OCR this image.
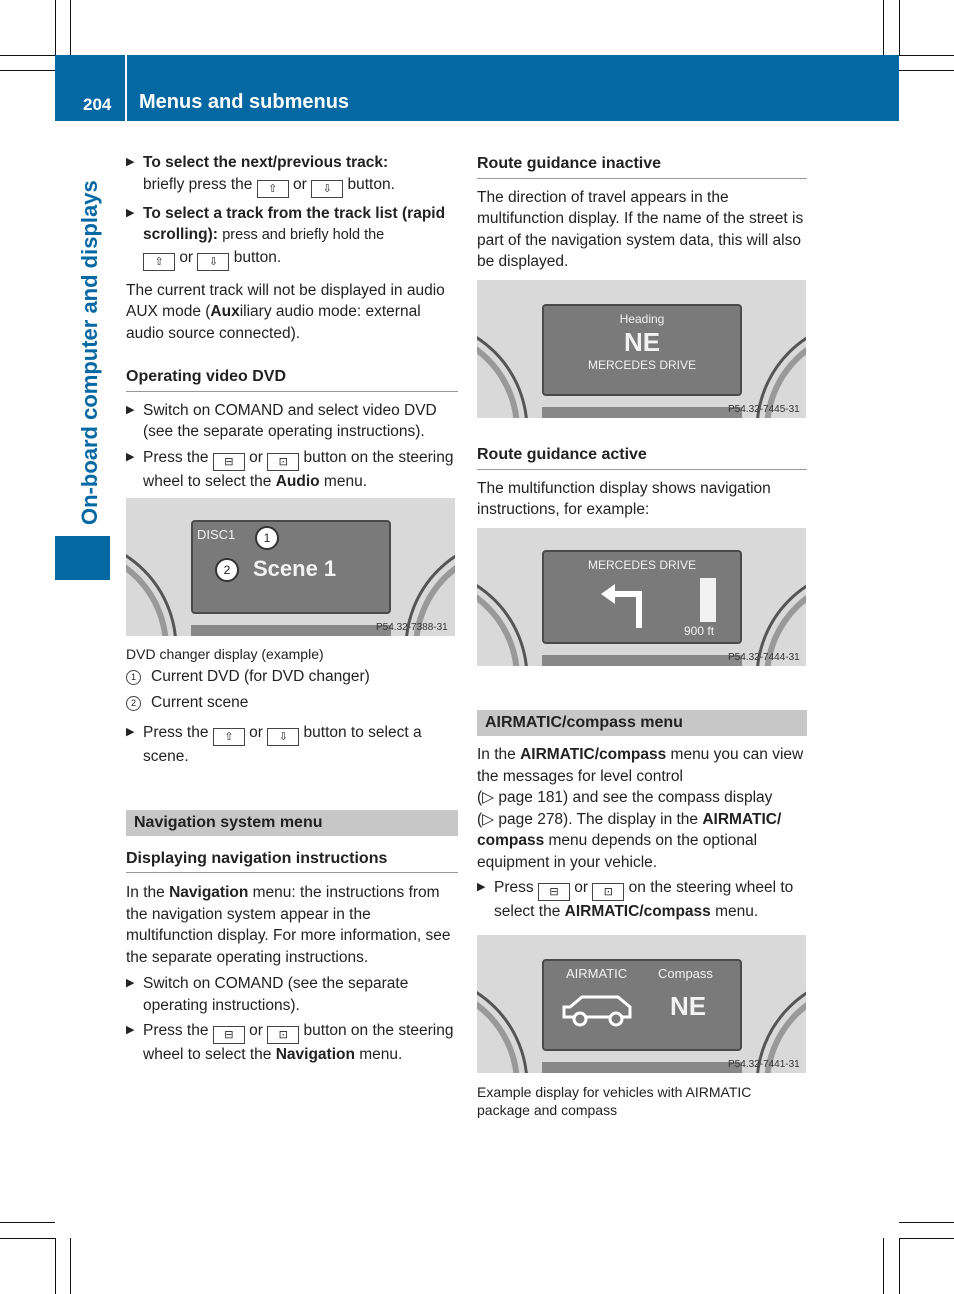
204 Menus and submenus
On-board computer and displays
▶ To select the next/previous track:
briefly press the ⇧ or ⇩ button.
▶ To select a track from the track list (rapid scrolling): press and briefly hold the
⇧ or ⇩ button.

The current track will not be displayed in audio AUX mode (Auxiliary audio mode: external audio source connected).

Operating video DVD
▶ Switch on COMAND and select video DVD (see the separate operating instructions).
▶ Press the ⊟ or ⊡ button on the steering wheel to select the Audio menu.
DISC1	1
2	Scene 1
P54.32-7388-31
DVD changer display (example)

1 Current DVD (for DVD changer)

2 Current scene

▶ Press the ⇧ or ⇩ button to select a scene.
Navigation system menu
Displaying navigation instructions

In the Navigation menu: the instructions from the navigation system appear in the multifunction display. For more information, see the separate operating instructions.

▶ Switch on COMAND (see the separate operating instructions).
▶ Press the ⊟ or ⊡ button on the steering wheel to select the Navigation menu.
Route guidance inactive

The direction of travel appears in the multifunction display. If the name of the street is part of the navigation system data, this will also be displayed.

Heading
NE
MERCEDES DRIVE
P54.32-7445-31
Route guidance active

The multifunction display shows navigation instructions, for example:

MERCEDES DRIVE
900 ft
P54.32-7444-31
AIRMATIC/compass menu

In the AIRMATIC/compass menu you can view the messages for level control
(▷ page 181) and see the compass display
(▷ page 278). The display in the AIRMATIC/ compass menu depends on the optional equipment in your vehicle.

▶ Press ⊟ or ⊡ on the steering wheel to select the AIRMATIC/compass menu.
AIRMATIC Compass
NE
P54.32-7441-31
Example display for vehicles with AIRMATIC package and compass
